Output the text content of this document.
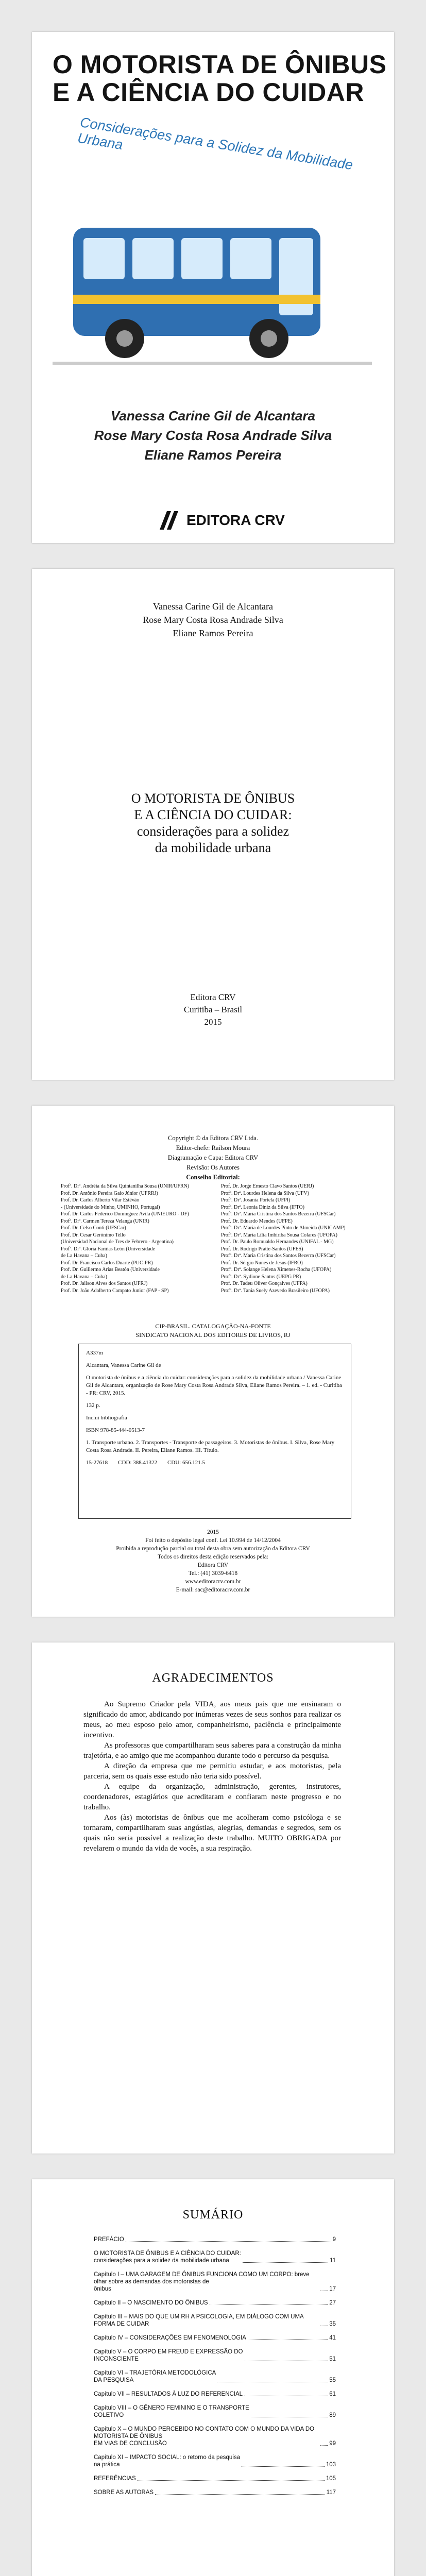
O MOTORISTA DE ÔNIBUS
E A CIÊNCIA DO CUIDAR
Considerações para a Solidez da Mobilidade Urbana
Vanessa Carine Gil de Alcantara
Rose Mary Costa Rosa Andrade Silva
Eliane Ramos Pereira
EDITORA CRV
Vanessa Carine Gil de Alcantara
Rose Mary Costa Rosa Andrade Silva
Eliane Ramos Pereira
O MOTORISTA DE ÔNIBUS
E A CIÊNCIA DO CUIDAR:
considerações para a solidez
da mobilidade urbana
Editora CRV
Curitiba – Brasil
2015
Copyright © da Editora CRV Ltda.
Editor-chefe: Railson Moura
Diagramação e Capa: Editora CRV
Revisão: Os Autores
Conselho Editorial:
Profª. Drª. Andréia da Silva Quintanilha Sousa (UNIR/UFRN)
Prof. Dr. Antônio Pereira Gaio Júnior (UFRRJ)
Prof. Dr. Carlos Alberto Vilar Estêvão
- (Universidade do Minho, UMINHO, Portugal)
Prof. Dr. Carlos Federico Dominguez Avila (UNIEURO - DF)
Profª. Drª. Carmen Tereza Velanga (UNIR)
Prof. Dr. Celso Conti (UFSCar)
Prof. Dr. Cesar Gerónimo Tello
(Universidad Nacional de Tres de Febrero - Argentina)
Profª. Drª. Gloria Fariñas León (Universidade
de La Havana – Cuba)
Prof. Dr. Francisco Carlos Duarte (PUC-PR)
Prof. Dr. Guillermo Arias Beatón (Universidade
de La Havana – Cuba)
Prof. Dr. Jailson Alves dos Santos (UFRJ)
Prof. Dr. João Adalberto Campato Junior (FAP - SP)
Prof. Dr. Jorge Ernesto Clavo Santos (UERJ)
Profª. Drª. Lourdes Helena da Silva (UFV)
Profª. Drª. Josania Portela (UFPI)
Profª. Drª. Leonia Diniz da Silva (IFTO)
Profª. Drª. Maria Cristina dos Santos Bezerra (UFSCar)
Prof. Dr. Eduardo Mendes (UFPE)
Profª. Drª. Maria de Lourdes Pinto de Almeida (UNICAMP)
Profª. Drª. Maria Lília Imbiriba Sousa Colares (UFOPA)
Prof. Dr. Paulo Romualdo Hernandes (UNIFAL - MG)
Prof. Dr. Rodrigo Pratte-Santos (UFES)
Profª. Drª. Maria Cristina dos Santos Bezerra (UFSCar)
Prof. Dr. Sérgio Nunes de Jesus (IFRO)
Profª. Drª. Solange Helena Ximenes-Rocha (UFOPA)
Profª. Drª. Sydione Santos (UEPG PR)
Prof. Dr. Tadeu Oliver Gonçalves (UFPA)
Profª. Drª. Tania Suely Azevedo Brasileiro (UFOPA)
CIP-BRASIL. CATALOGAÇÃO-NA-FONTE
SINDICATO NACIONAL DOS EDITORES DE LIVROS, RJ

A337m

Alcantara, Vanessa Carine Gil de

O motorista de ônibus e a ciência do cuidar: considerações para a solidez da mobilidade urbana / Vanessa Carine Gil de Alcantara, organização de Rose Mary Costa Rosa Andrade Silva, Eliane Ramos Pereira. – 1. ed. - Curitiba - PR: CRV, 2015.

132 p.

Inclui bibliografia

ISBN 978-85-444-0513-7

1. Transporte urbano. 2. Transportes - Transporte de passageiros. 3. Motoristas de ônibus. I. Silva, Rose Mary Costa Rosa Andrade. II. Pereira, Eliane Ramos. III. Título.

15-27618 CDD: 388.41322 CDU: 656.121.5
2015
Foi feito o depósito legal conf. Lei 10.994 de 14/12/2004
Proibida a reprodução parcial ou total desta obra sem autorização da Editora CRV
Todos os direitos desta edição reservados pela:
Editora CRV
Tel.: (41) 3039-6418
www.editoracrv.com.br
E-mail: sac@editoracrv.com.br
AGRADECIMENTOS

Ao Supremo Criador pela VIDA, aos meus pais que me ensinaram o significado do amor, abdicando por inúmeras vezes de seus sonhos para realizar os meus, ao meu esposo pelo amor, companheirismo, paciência e principalmente incentivo.

As professoras que compartilharam seus saberes para a construção da minha trajetória, e ao amigo que me acompanhou durante todo o percurso da pesquisa.

A direção da empresa que me permitiu estudar, e aos motoristas, pela parceria, sem os quais esse estudo não teria sido possível.

A equipe da organização, administração, gerentes, instrutores, coordenadores, estagiários que acreditaram e confiaram neste progresso e no trabalho.

Aos (às) motoristas de ônibus que me acolheram como psicóloga e se tornaram, compartilharam suas angústias, alegrias, demandas e segredos, sem os quais não seria possível a realização deste trabalho. MUITO OBRIGADA por revelarem o mundo da vida de vocês, a sua respiração.

SUMÁRIO
PREFÁCIO	9
O MOTORISTA DE ÔNIBUS E A CIÊNCIA DO CUIDAR:
considerações para a solidez da mobilidade urbana	11
Capítulo I – UMA GARAGEM DE ÔNIBUS FUNCIONA COMO UM CORPO: breve olhar sobre as demandas dos motoristas de
ônibus	17
Capítulo II – O NASCIMENTO DO ÔNIBUS	27
Capítulo III – MAIS DO QUE UM RH A PSICOLOGIA, EM DIÁLOGO COM UMA FORMA DE CUIDAR	35
Capítulo IV – CONSIDERAÇÕES EM FENOMENOLOGIA	41
Capítulo V – O CORPO EM FREUD E EXPRESSÃO DO
INCONSCIENTE	51
Capítulo VI – TRAJETÓRIA METODOLÓGICA
DA PESQUISA	55
Capítulo VII – RESULTADOS À LUZ DO REFERENCIAL	61
Capítulo VIII – O GÊNERO FEMININO E O TRANSPORTE
COLETIVO	89
Capítulo X – O MUNDO PERCEBIDO NO CONTATO COM O MUNDO DA VIDA DO MOTORISTA DE ÔNIBUS
EM VIAS DE CONCLUSÃO	99
Capítulo XI – IMPACTO SOCIAL: o retorno da pesquisa
na prática	103
REFERÊNCIAS	105
SOBRE AS AUTORAS	117
